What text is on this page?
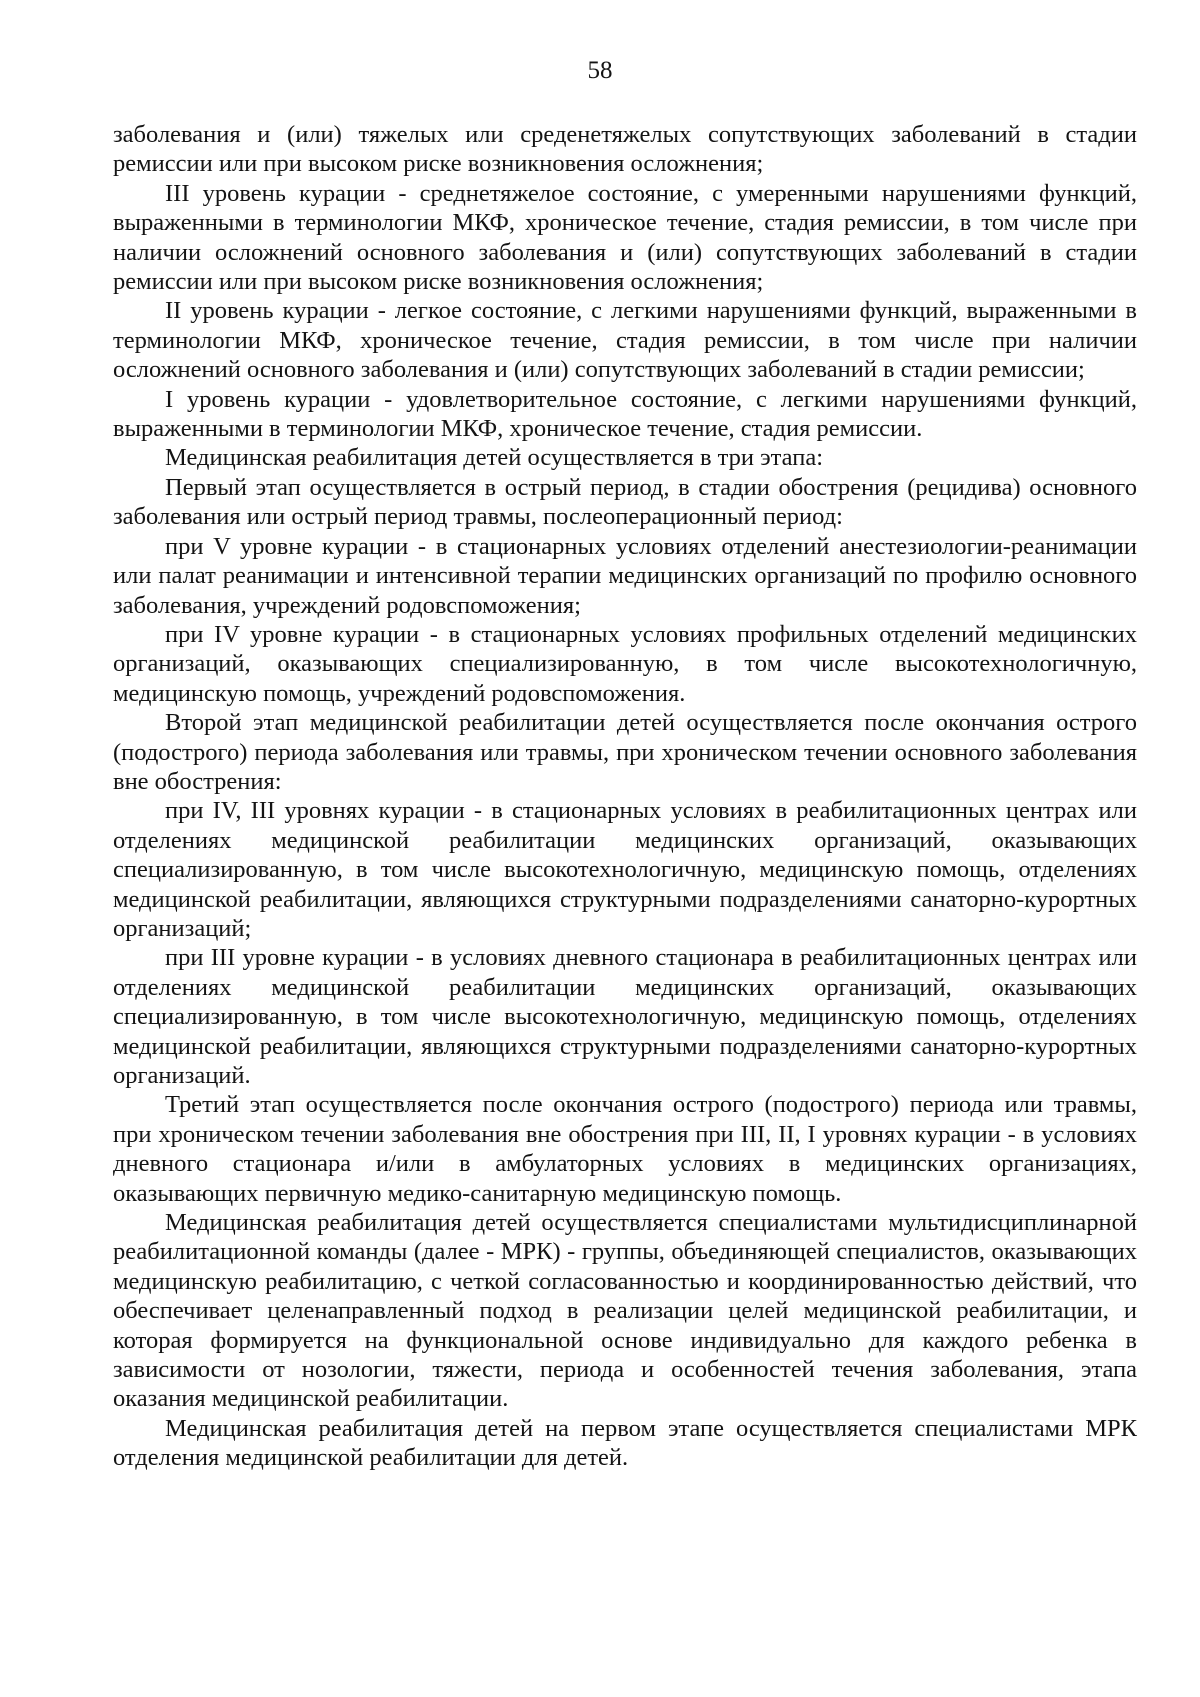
58

заболевания и (или) тяжелых или среденетяжелых сопутствующих заболеваний в стадии ремиссии или при высоком риске возникновения осложнения;

III уровень курации - среднетяжелое состояние, с умеренными нарушениями функций, выраженными в терминологии МКФ, хроническое течение, стадия ремиссии, в том числе при наличии осложнений основного заболевания и (или) сопутствующих заболеваний в стадии ремиссии или при высоком риске возникновения осложнения;

II уровень курации - легкое состояние, с легкими нарушениями функций, выраженными в терминологии МКФ, хроническое течение, стадия ремиссии, в том числе при наличии осложнений основного заболевания и (или) сопутствующих заболеваний в стадии ремиссии;

I уровень курации - удовлетворительное состояние, с легкими нарушениями функций, выраженными в терминологии МКФ, хроническое течение, стадия ремиссии.

Медицинская реабилитация детей осуществляется в три этапа:

Первый этап осуществляется в острый период, в стадии обострения (рецидива) основного заболевания или острый период травмы, послеоперационный период:

при V уровне курации - в стационарных условиях отделений анестезиологии-реанимации или палат реанимации и интенсивной терапии медицинских организаций по профилю основного заболевания, учреждений родовспоможения;

при IV уровне курации - в стационарных условиях профильных отделений медицинских организаций, оказывающих специализированную, в том числе высокотехнологичную, медицинскую помощь, учреждений родовспоможения.

Второй этап медицинской реабилитации детей осуществляется после окончания острого (подострого) периода заболевания или травмы, при хроническом течении основного заболевания вне обострения:

при IV, III уровнях курации - в стационарных условиях в реабилитационных центрах или отделениях медицинской реабилитации медицинских организаций, оказывающих специализированную, в том числе высокотехнологичную, медицинскую помощь, отделениях медицинской реабилитации, являющихся структурными подразделениями санаторно-курортных организаций;

при III уровне курации - в условиях дневного стационара в реабилитационных центрах или отделениях медицинской реабилитации медицинских организаций, оказывающих специализированную, в том числе высокотехнологичную, медицинскую помощь, отделениях медицинской реабилитации, являющихся структурными подразделениями санаторно-курортных организаций.

Третий этап осуществляется после окончания острого (подострого) периода или травмы, при хроническом течении заболевания вне обострения при III, II, I уровнях курации - в условиях дневного стационара и/или в амбулаторных условиях в медицинских организациях, оказывающих первичную медико-санитарную медицинскую помощь.

Медицинская реабилитация детей осуществляется специалистами мультидисциплинарной реабилитационной команды (далее - МРК) - группы, объединяющей специалистов, оказывающих медицинскую реабилитацию, с четкой согласованностью и координированностью действий, что обеспечивает целенаправленный подход в реализации целей медицинской реабилитации, и которая формируется на функциональной основе индивидуально для каждого ребенка в зависимости от нозологии, тяжести, периода и особенностей течения заболевания, этапа оказания медицинской реабилитации.

Медицинская реабилитация детей на первом этапе осуществляется специалистами МРК отделения медицинской реабилитации для детей.
